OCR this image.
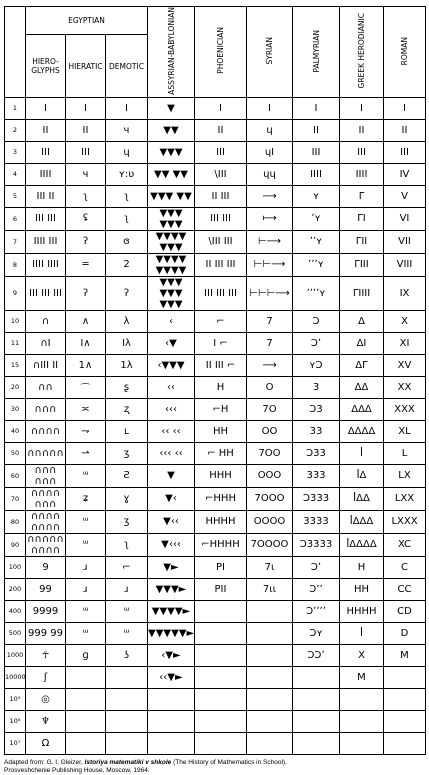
	EGYPTIAN			ASSYRIAN-BABYLONIAN	PHOENICIAN	SYRIAN	PALMYRIAN	GREEK HERODIANIC	ROMAN
	HIERO-GLYPHS	HIERATIC	DEMOTIC						
1	I	I	I	▼	I	I	I	I	I
2	II	II	ч	▼▼	II	ɥ	II	II	II
3	III	III	ɥ	▼▼▼	III	ɥI	III	III	III
4	IIII	ч	ʏ:ʋ	▼▼ ▼▼	\III	ɥɥ	IIII	IIII	IV
5	III II	ʅ	ʅ	▼▼▼ ▼▼	II III	⟶	ʏ	Γ	V
6	III III	ʢ	ʅ	▼▼▼ ▼▼▼	III III	⟼	ʼʏ	ΓI	VI
7	IIII III	ʔ	ɞ	▼▼▼▼ ▼▼▼	\III III	⊢⟶	ʼʼʏ	ΓII	VII
8	IIII IIII	═	2	▼▼▼▼ ▼▼▼▼	II III III	⊢⊢⟶	ʼʼʼʏ	ΓIII	VIII
9	III III III	ʔ	ʔ	▼▼▼ ▼▼▼ ▼▼▼	III III III	⊢⊢⊢⟶	ʼʼʼʼʏ	ΓIIII	IX
10	∩	∧	λ	‹	⌐	7	Ↄ	Δ	X
11	∩I	I∧	Iλ	‹▼	I ⌐	7	Ↄʼ	ΔI	XI
15	∩III II	1∧	1λ	‹▼▼▼	II III ⌐	⟶	ʏↃ	ΔΓ	XV
20	∩∩	⌒	ʂ	‹‹	H	O	3	ΔΔ	XX
30	∩∩∩	≍	ʐ	‹‹‹	⌐H	7O	Ↄ3	ΔΔΔ	XXX
40	∩∩∩∩	⇁	ʟ	‹‹ ‹‹	HH	OO	33	ΔΔΔΔ	XL
50	∩∩∩∩∩	⇀	ʒ	‹‹‹ ‹‹	⌐ HH	7OO	Ↄ33	ꟾ	L
60	∩∩∩ ∩∩∩	ᵚ	Ƨ	▼	HHH	OOO	333	ꟾΔ	LX
70	∩∩∩∩ ∩∩∩	ʑ	ɣ	▼‹	⌐HHH	7OOO	Ↄ333	ꟾΔΔ	LXX
80	∩∩∩∩ ∩∩∩∩	ᵚ	ʒ	▼‹‹	HHHH	OOOO	3333	ꟾΔΔΔ	LXXX
90	∩∩∩∩∩ ∩∩∩∩	ᵚ	ʅ	▼‹‹‹	⌐HHHH	7OOOO	Ↄ3333	ꟾΔΔΔΔ	XC
100	9	ɹ	⌐	▼►	PI	7ι	Ↄʼ	H	C
200	99	ɹ	ɹ	▼▼▼►	PII	7ιι	Ↄʼʼ	HH	CC
400	9999	ᵚ	ᵚ	▼▼▼▼►			Ↄʼʼʼʼ	HHHH	CD
500	999 99	ᵚ	ᵚ	▼▼▼▼▼►			Ↄʏ	ꟾ	D
1000	☥	ɡ	ʖ	‹▼►			ↃↃʼ	X	M
10000	ʃ			‹‹▼►				M	
10⁵	◎								
10⁶	♆								
10⁷	Ω								
Adapted from: G. I. Gleizer, Istoriya matematiki v shkole (The History of Mathematics in School).
Prosveshchenie Publishing House, Moscow, 1964.
